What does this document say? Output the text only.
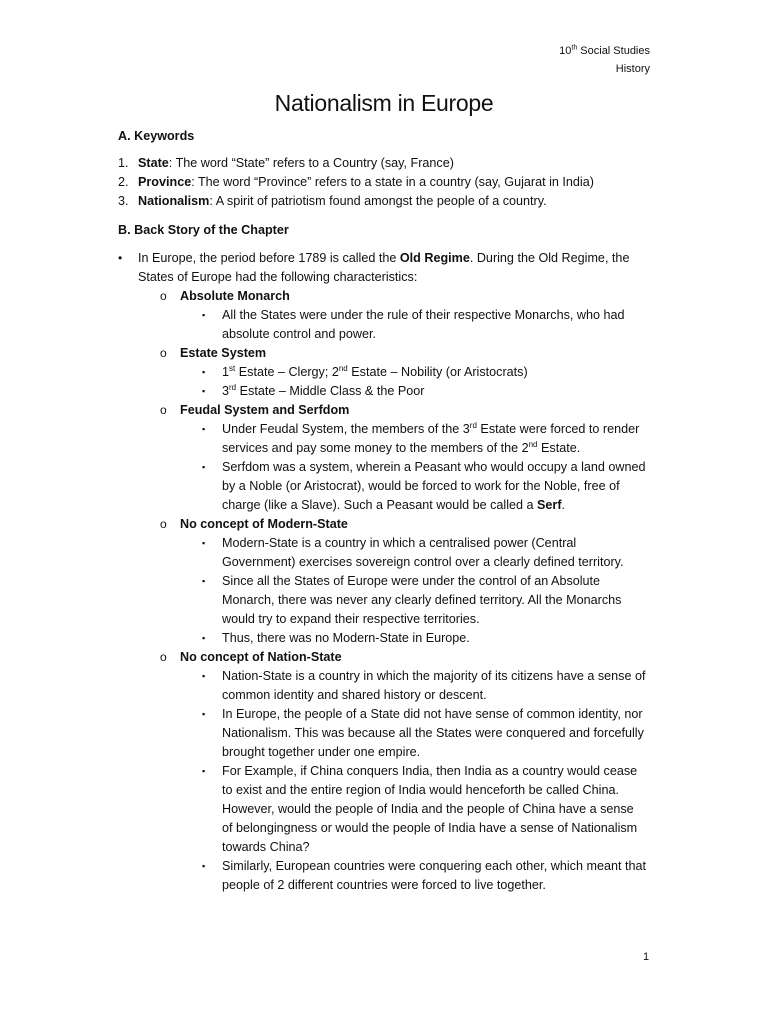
10th Social Studies
History
Nationalism in Europe

A. Keywords

1. State: The word “State” refers to a Country (say, France)
2. Province: The word “Province” refers to a state in a country (say, Gujarat in India)
3. Nationalism: A spirit of patriotism found amongst the people of a country.

B. Back Story of the Chapter

• In Europe, the period before 1789 is called the Old Regime. During the Old Regime, the States of Europe had the following characteristics:
o Absolute Monarch
▪ All the States were under the rule of their respective Monarchs, who had absolute control and power.
o Estate System
▪ 1st Estate – Clergy; 2nd Estate – Nobility (or Aristocrats)
▪ 3rd Estate – Middle Class & the Poor
o Feudal System and Serfdom
▪ Under Feudal System, the members of the 3rd Estate were forced to render services and pay some money to the members of the 2nd Estate.
▪ Serfdom was a system, wherein a Peasant who would occupy a land owned by a Noble (or Aristocrat), would be forced to work for the Noble, free of charge (like a Slave). Such a Peasant would be called a Serf.
o No concept of Modern-State
▪ Modern-State is a country in which a centralised power (Central Government) exercises sovereign control over a clearly defined territory.
▪ Since all the States of Europe were under the control of an Absolute Monarch, there was never any clearly defined territory. All the Monarchs would try to expand their respective territories.
▪ Thus, there was no Modern-State in Europe.
o No concept of Nation-State
▪ Nation-State is a country in which the majority of its citizens have a sense of common identity and shared history or descent.
▪ In Europe, the people of a State did not have sense of common identity, nor Nationalism. This was because all the States were conquered and forcefully brought together under one empire.
▪ For Example, if China conquers India, then India as a country would cease to exist and the entire region of India would henceforth be called China. However, would the people of India and the people of China have a sense of belongingness or would the people of India have a sense of Nationalism towards China?
▪ Similarly, European countries were conquering each other, which meant that people of 2 different countries were forced to live together.
1
